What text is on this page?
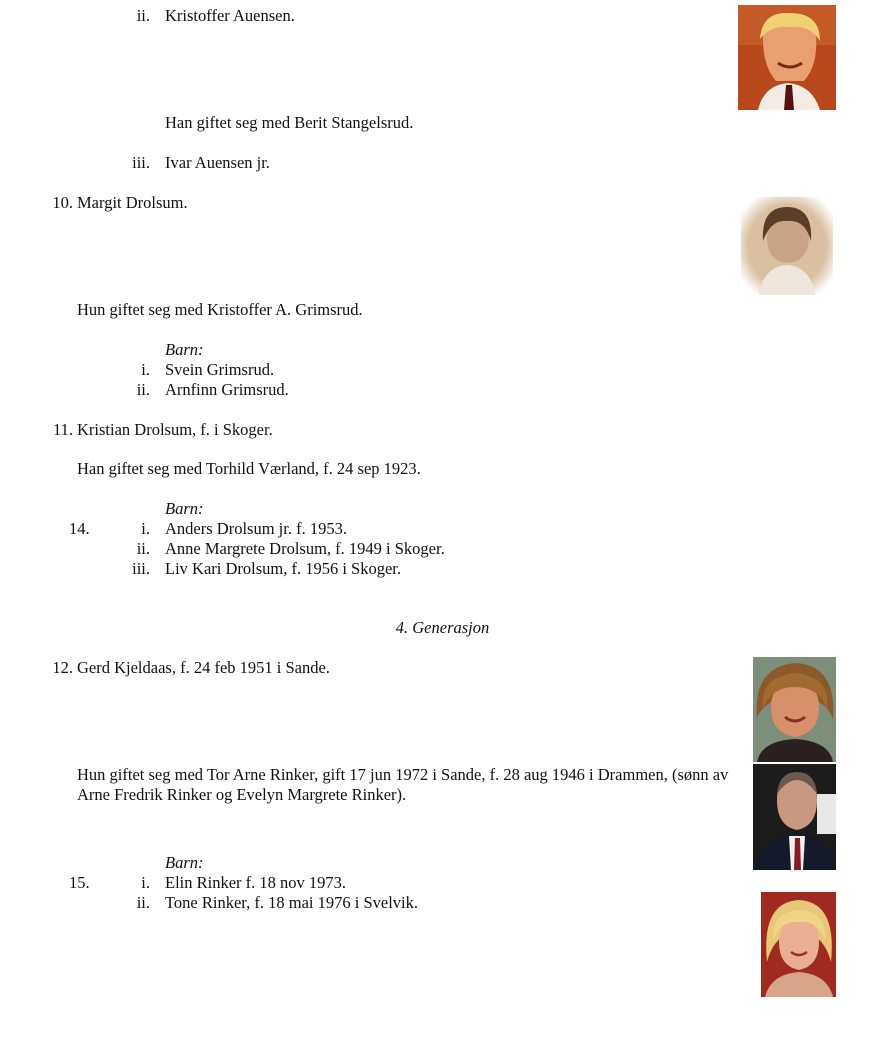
ii. Kristoffer Auensen.
Han giftet seg med Berit Stangelsrud.
iii. Ivar Auensen jr.
10. Margit Drolsum.
Hun giftet seg med Kristoffer A. Grimsrud.
Barn:
i. Svein Grimsrud.
ii. Arnfinn Grimsrud.
11. Kristian Drolsum, f. i Skoger.
Han giftet seg med Torhild Værland, f. 24 sep 1923.
Barn:
14.	i. Anders Drolsum jr. f. 1953.
ii. Anne Margrete Drolsum, f. 1949 i Skoger.
iii. Liv Kari Drolsum, f. 1956 i Skoger.
4. Generasjon
12. Gerd Kjeldaas, f. 24 feb 1951 i Sande.
Hun giftet seg med Tor Arne Rinker, gift 17 jun 1972 i Sande, f. 28 aug 1946 i Drammen, (sønn av
Arne Fredrik Rinker og Evelyn Margrete Rinker).
Barn:
15.	i. Elin Rinker f. 18 nov 1973.
ii. Tone Rinker, f. 18 mai 1976 i Svelvik.
